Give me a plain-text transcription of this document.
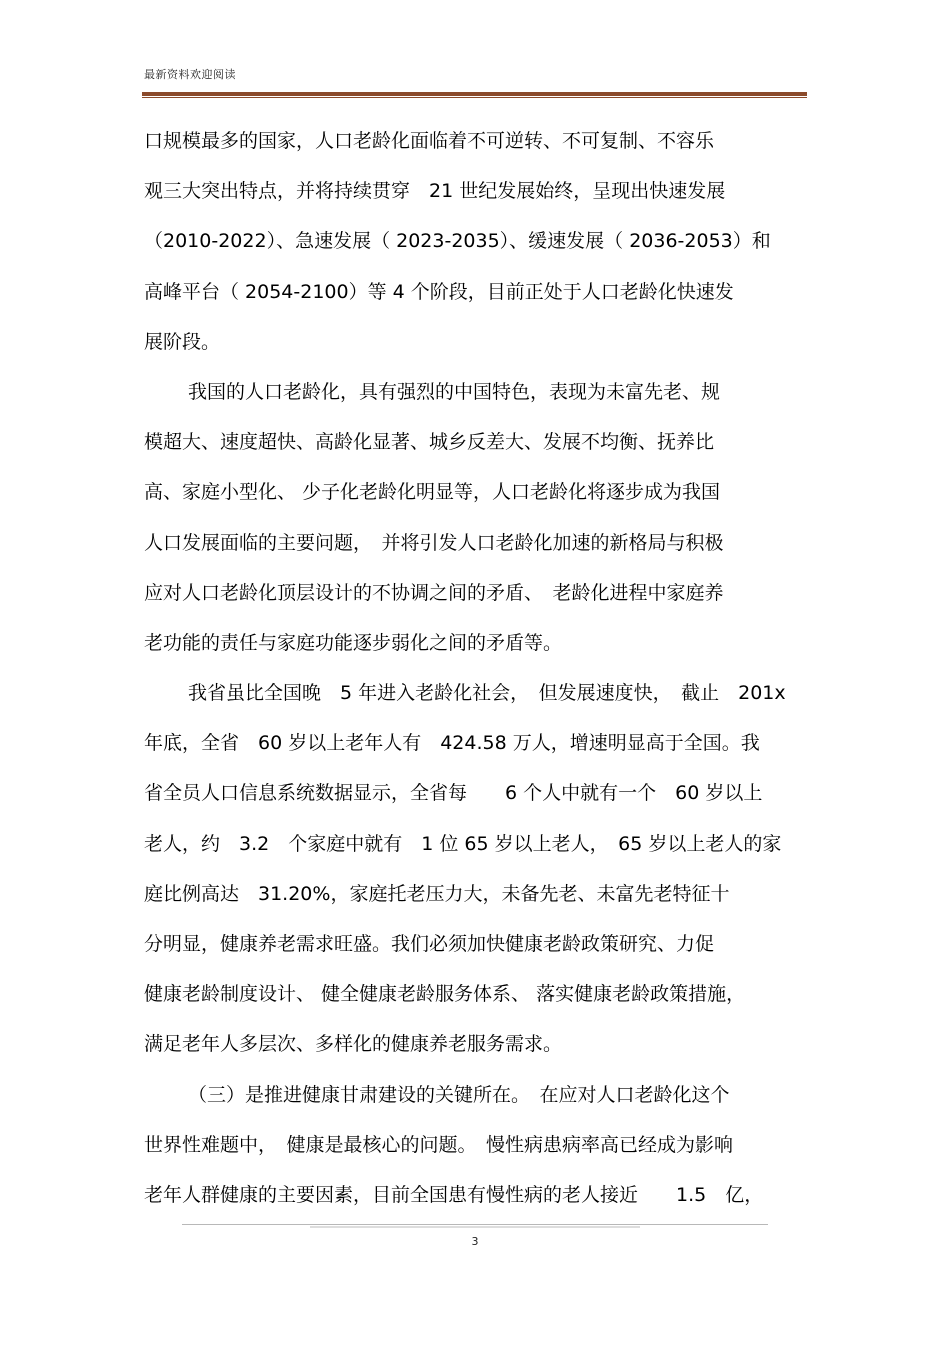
最新资料欢迎阅读
口规模最多的国家，人口老龄化面临着不可逆转、不可复制、不容乐
观三大突出特点，并将持续贯穿　21 世纪发展始终，呈现出快速发展
（2010-2022）、急速发展（ 2023-2035）、缓速发展（ 2036-2053）和
高峰平台（ 2054-2100）等 4 个阶段，目前正处于人口老龄化快速发
展阶段。
我国的人口老龄化，具有强烈的中国特色，表现为未富先老、规
模超大、速度超快、高龄化显著、城乡反差大、发展不均衡、抚养比
高、家庭小型化、 少子化老龄化明显等，人口老龄化将逐步成为我国
人口发展面临的主要问题，　并将引发人口老龄化加速的新格局与积极
应对人口老龄化顶层设计的不协调之间的矛盾、　老龄化进程中家庭养
老功能的责任与家庭功能逐步弱化之间的矛盾等。
我省虽比全国晚　5 年进入老龄化社会，　但发展速度快，　截止　201x
年底，全省　60 岁以上老年人有　424.58 万人，增速明显高于全国。我
省全员人口信息系统数据显示，全省每　　6 个人中就有一个　60 岁以上
老人，约　3.2　个家庭中就有　1 位 65 岁以上老人，　65 岁以上老人的家
庭比例高达　31.20%，家庭托老压力大，未备先老、未富先老特征十
分明显，健康养老需求旺盛。我们必须加快健康老龄政策研究、力促
健康老龄制度设计、 健全健康老龄服务体系、 落实健康老龄政策措施，
满足老年人多层次、多样化的健康养老服务需求。
（三）是推进健康甘肃建设的关键所在。　在应对人口老龄化这个
世界性难题中，　健康是最核心的问题。　慢性病患病率高已经成为影响
老年人群健康的主要因素，目前全国患有慢性病的老人接近　　1.5　亿，
3
